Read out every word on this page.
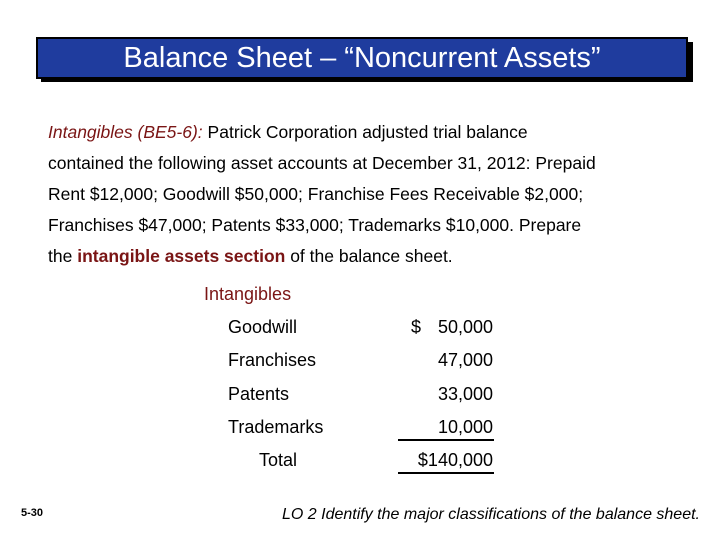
Balance Sheet – “Noncurrent Assets”
Intangibles (BE5-6): Patrick Corporation adjusted trial balance
contained the following asset accounts at December 31, 2012: Prepaid
Rent $12,000; Goodwill $50,000; Franchise Fees Receivable $2,000;
Franchises $47,000; Patents $33,000; Trademarks $10,000. Prepare
the intangible assets section of the balance sheet.
Intangibles
Goodwill	$ 50,000
Franchises	47,000
Patents	33,000
Trademarks	10,000
Total	$140,000
5-30	LO 2 Identify the major classifications of the balance sheet.
